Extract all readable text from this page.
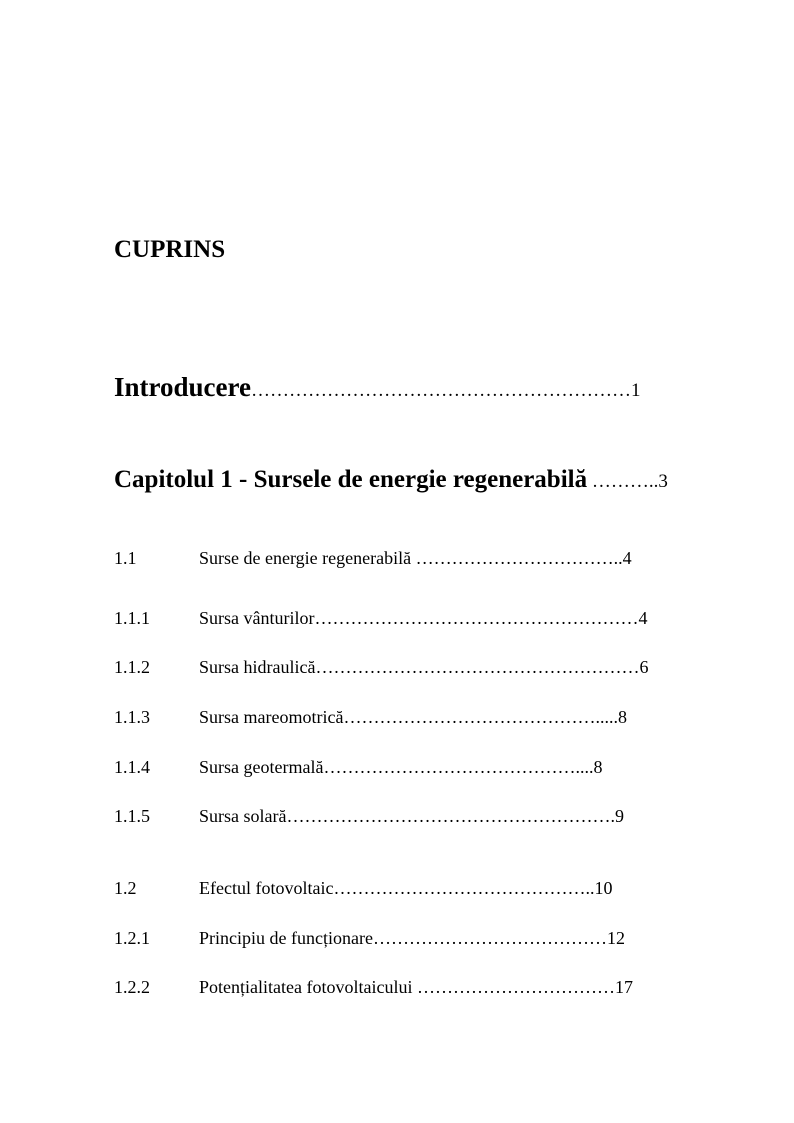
CUPRINS
Introducere……………………………………………………1
Capitolul 1 - Sursele de energie regenerabilă ………..3
1.1	Surse de energie regenerabilă ……………………………..4
1.1.1	Sursa vânturilor………………………………………………4
1.1.2	Sursa hidraulică………………………………………………6
1.1.3	Sursa mareomotrică…………………………………….....8
1.1.4	Sursa geotermală……………………………………....8
1.1.5	Sursa solară……………………………………………….9
1.2	Efectul fotovoltaic……………………………………..10
1.2.1	Principiu de funcționare…………………………………12
1.2.2	Potențialitatea fotovoltaicului ……………………………17
